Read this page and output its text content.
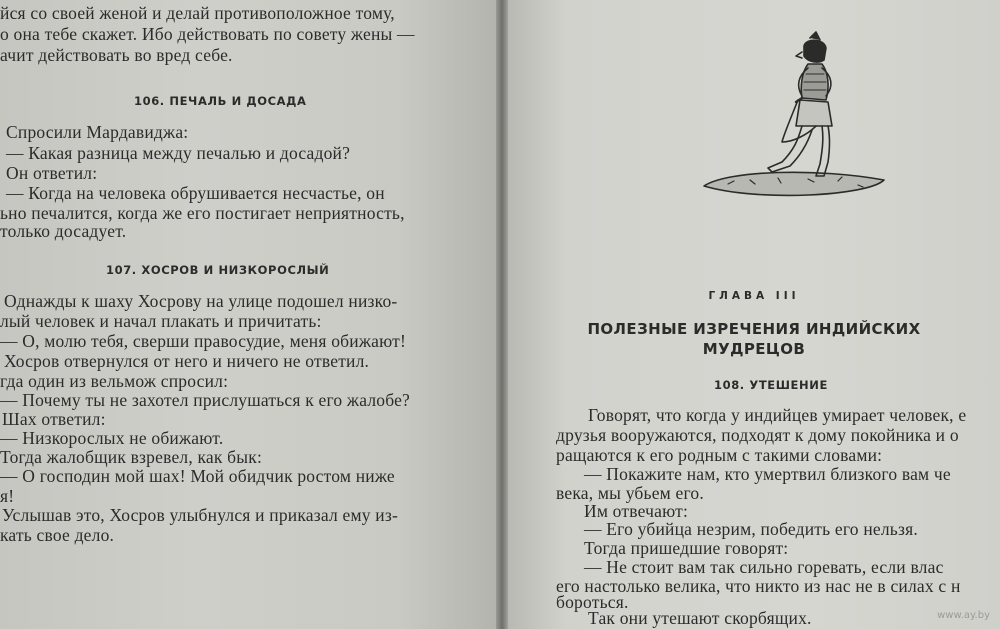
йся со своей женой и делай противоположное тому,
о она тебе скажет. Ибо действовать по совету жены —
ачит действовать во вред себе.
106. ПЕЧАЛЬ И ДОСАДА
Спросили Мардавиджа:
— Какая разница между печалью и досадой?
Он ответил:
— Когда на человека обрушивается несчастье, он
ьно печалится, когда же его постигает неприятность,
только досадует.
107. ХОСРОВ И НИЗКОРОСЛЫЙ
Однажды к шаху Хосрову на улице подошел низко-
лый человек и начал плакать и причитать:
— О, молю тебя, сверши правосудие, меня обижают!
Хосров отвернулся от него и ничего не ответил.
гда один из вельмож спросил:
— Почему ты не захотел прислушаться к его жалобе?
Шах ответил:
— Низкорослых не обижают.
Тогда жалобщик взревел, как бык:
— О господин мой шах! Мой обидчик ростом ниже
я!
Услышав это, Хосров улыбнулся и приказал ему из-
кать свое дело.
ГЛАВА III
ПОЛЕЗНЫЕ ИЗРЕЧЕНИЯ ИНДИЙСКИХ
МУДРЕЦОВ
108. УТЕШЕНИЕ
Говорят, что когда у индийцев умирает человек, е
друзья вооружаются, подходят к дому покойника и о
ращаются к его родным с такими словами:
— Покажите нам, кто умертвил близкого вам че
века, мы убьем его.
Им отвечают:
— Его убийца незрим, победить его нельзя.
Тогда пришедшие говорят:
— Не стоит вам так сильно горевать, если влас
его настолько велика, что никто из нас не в силах с н
бороться.
Так они утешают скорбящих.	www.ay.by
